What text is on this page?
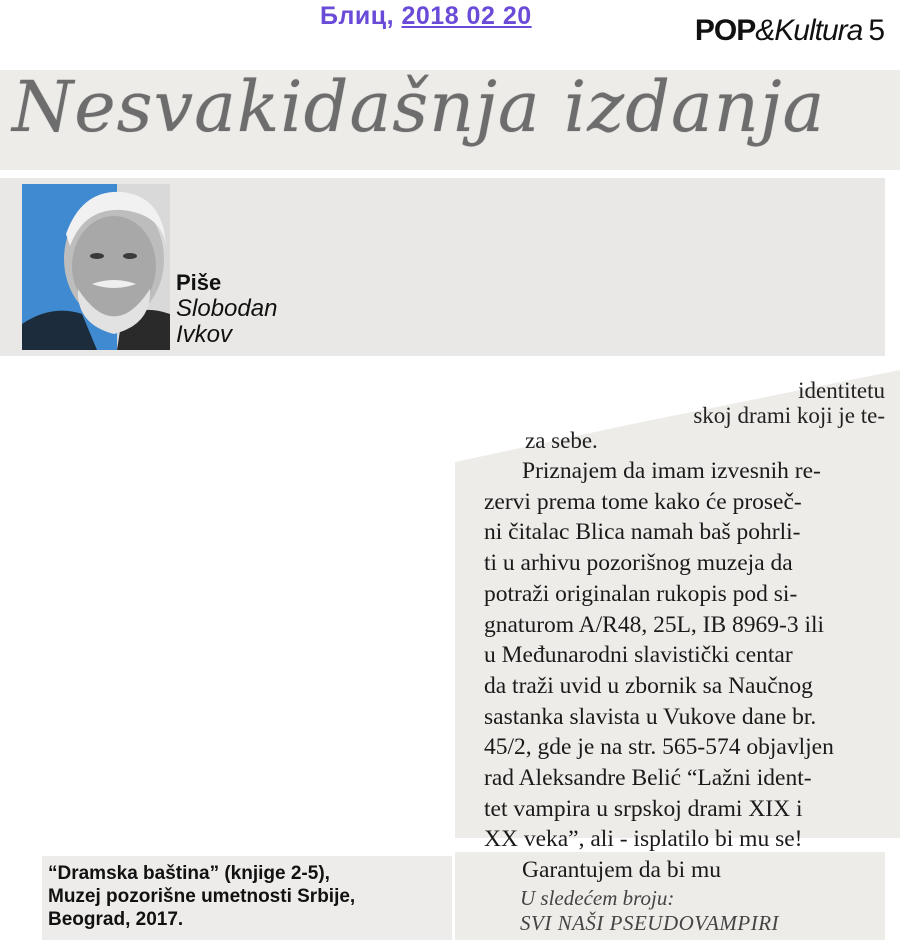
Блиц, 2018 02 20	POP&Kultura 5
Nesvakidašnja izdanja
Piše
Slobodan
Ivkov
identitetu
skoj drami koji je te-
za sebe.
Priznajem da imam izvesnih re-
zervi prema tome kako će proseč-
ni čitalac Blica namah baš pohrli-
ti u arhivu pozorišnog muzeja da
potraži originalan rukopis pod si-
gnaturom A/R48, 25L, IB 8969-3 ili
u Međunarodni slavistički centar
da traži uvid u zbornik sa Naučnog
sastanka slavista u Vukove dane br.
45/2, gde je na str. 565-574 objavljen
rad Aleksandre Belić “Lažni ident-
tet vampira u srpskoj drami XIX i
XX veka”, ali - isplatilo bi mu se!
Garantujem da bi mu
“Dramska baština” (knjige 2-5),
Muzej pozorišne umetnosti Srbije,
Beograd, 2017.
U sledećem broju:
SVI NAŠI PSEUDOVAMPIRI
